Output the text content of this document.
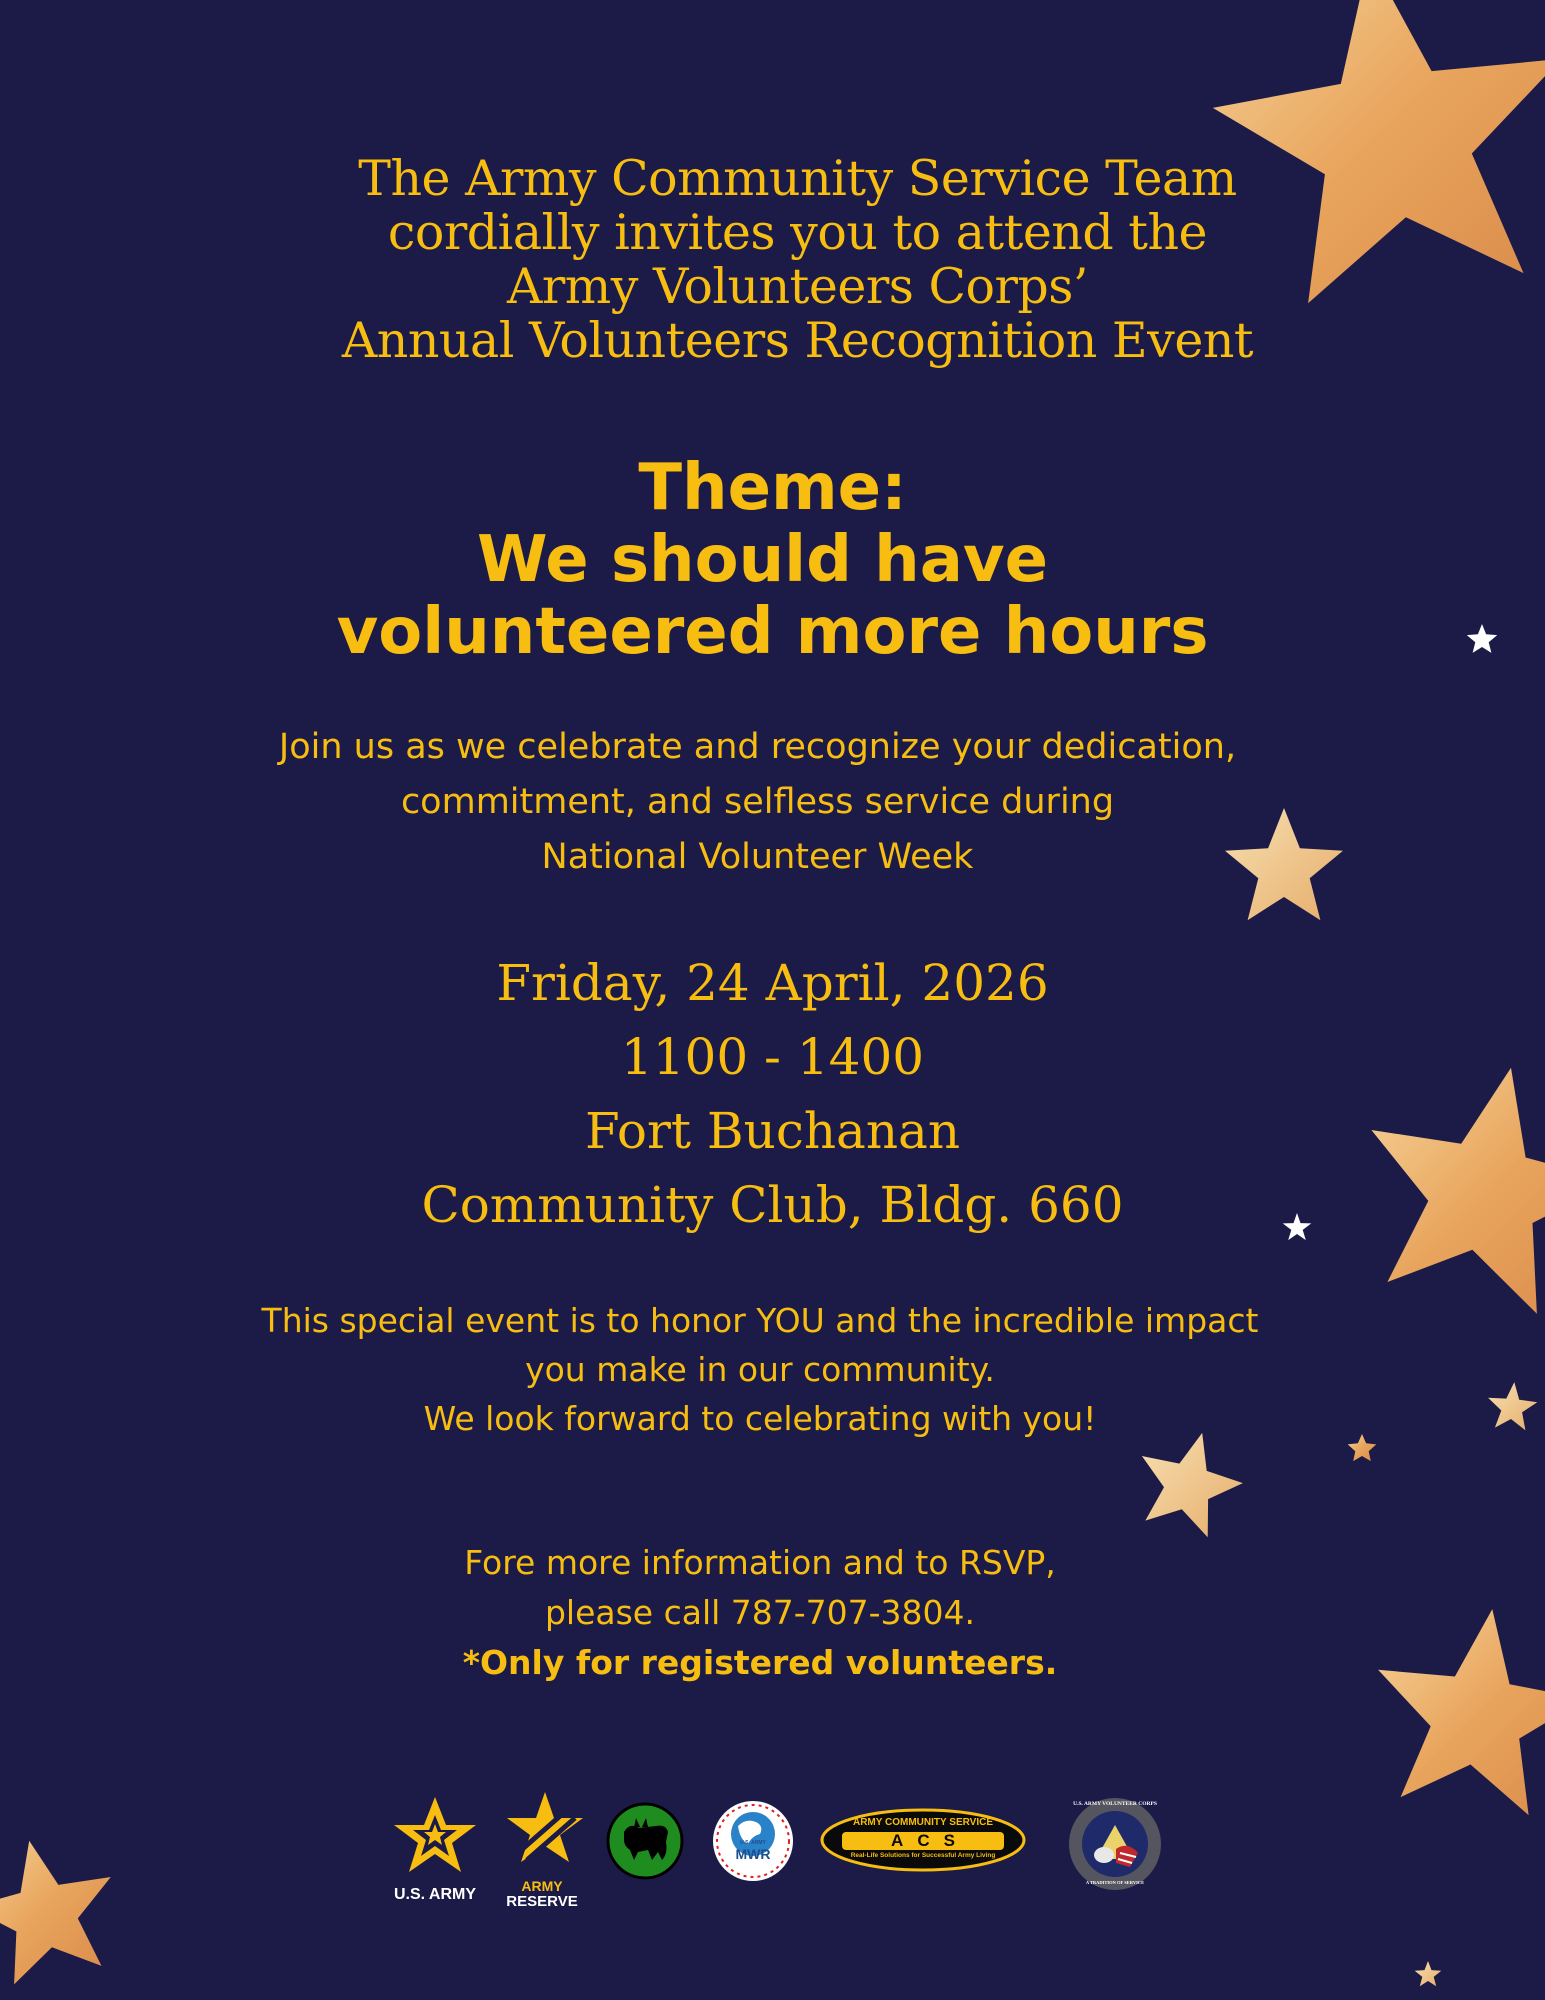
The Army Community Service Team
cordially invites you to attend the
Army Volunteers Corps’
Annual Volunteers Recognition Event
Theme:
We should have
volunteered more hours
Join us as we celebrate and recognize your dedication,
commitment, and selfless service during
National Volunteer Week
Friday, 24 April, 2026
1100 - 1400
Fort Buchanan
Community Club, Bldg. 660
This special event is to honor YOU and the incredible impact
you make in our community.
We look forward to celebrating with you!
Fore more information and to RSVP,
please call 787-707-3804.
*Only for registered volunteers.
U.S. ARMY	ARMY
RESERVE
U.S. ARMY
MWR
ARMY COMMUNITY SERVICE
ACS
Real-Life Solutions for Successful Army Living
U.S. ARMY VOLUNTEER CORPS
A TRADITION OF SERVICE
